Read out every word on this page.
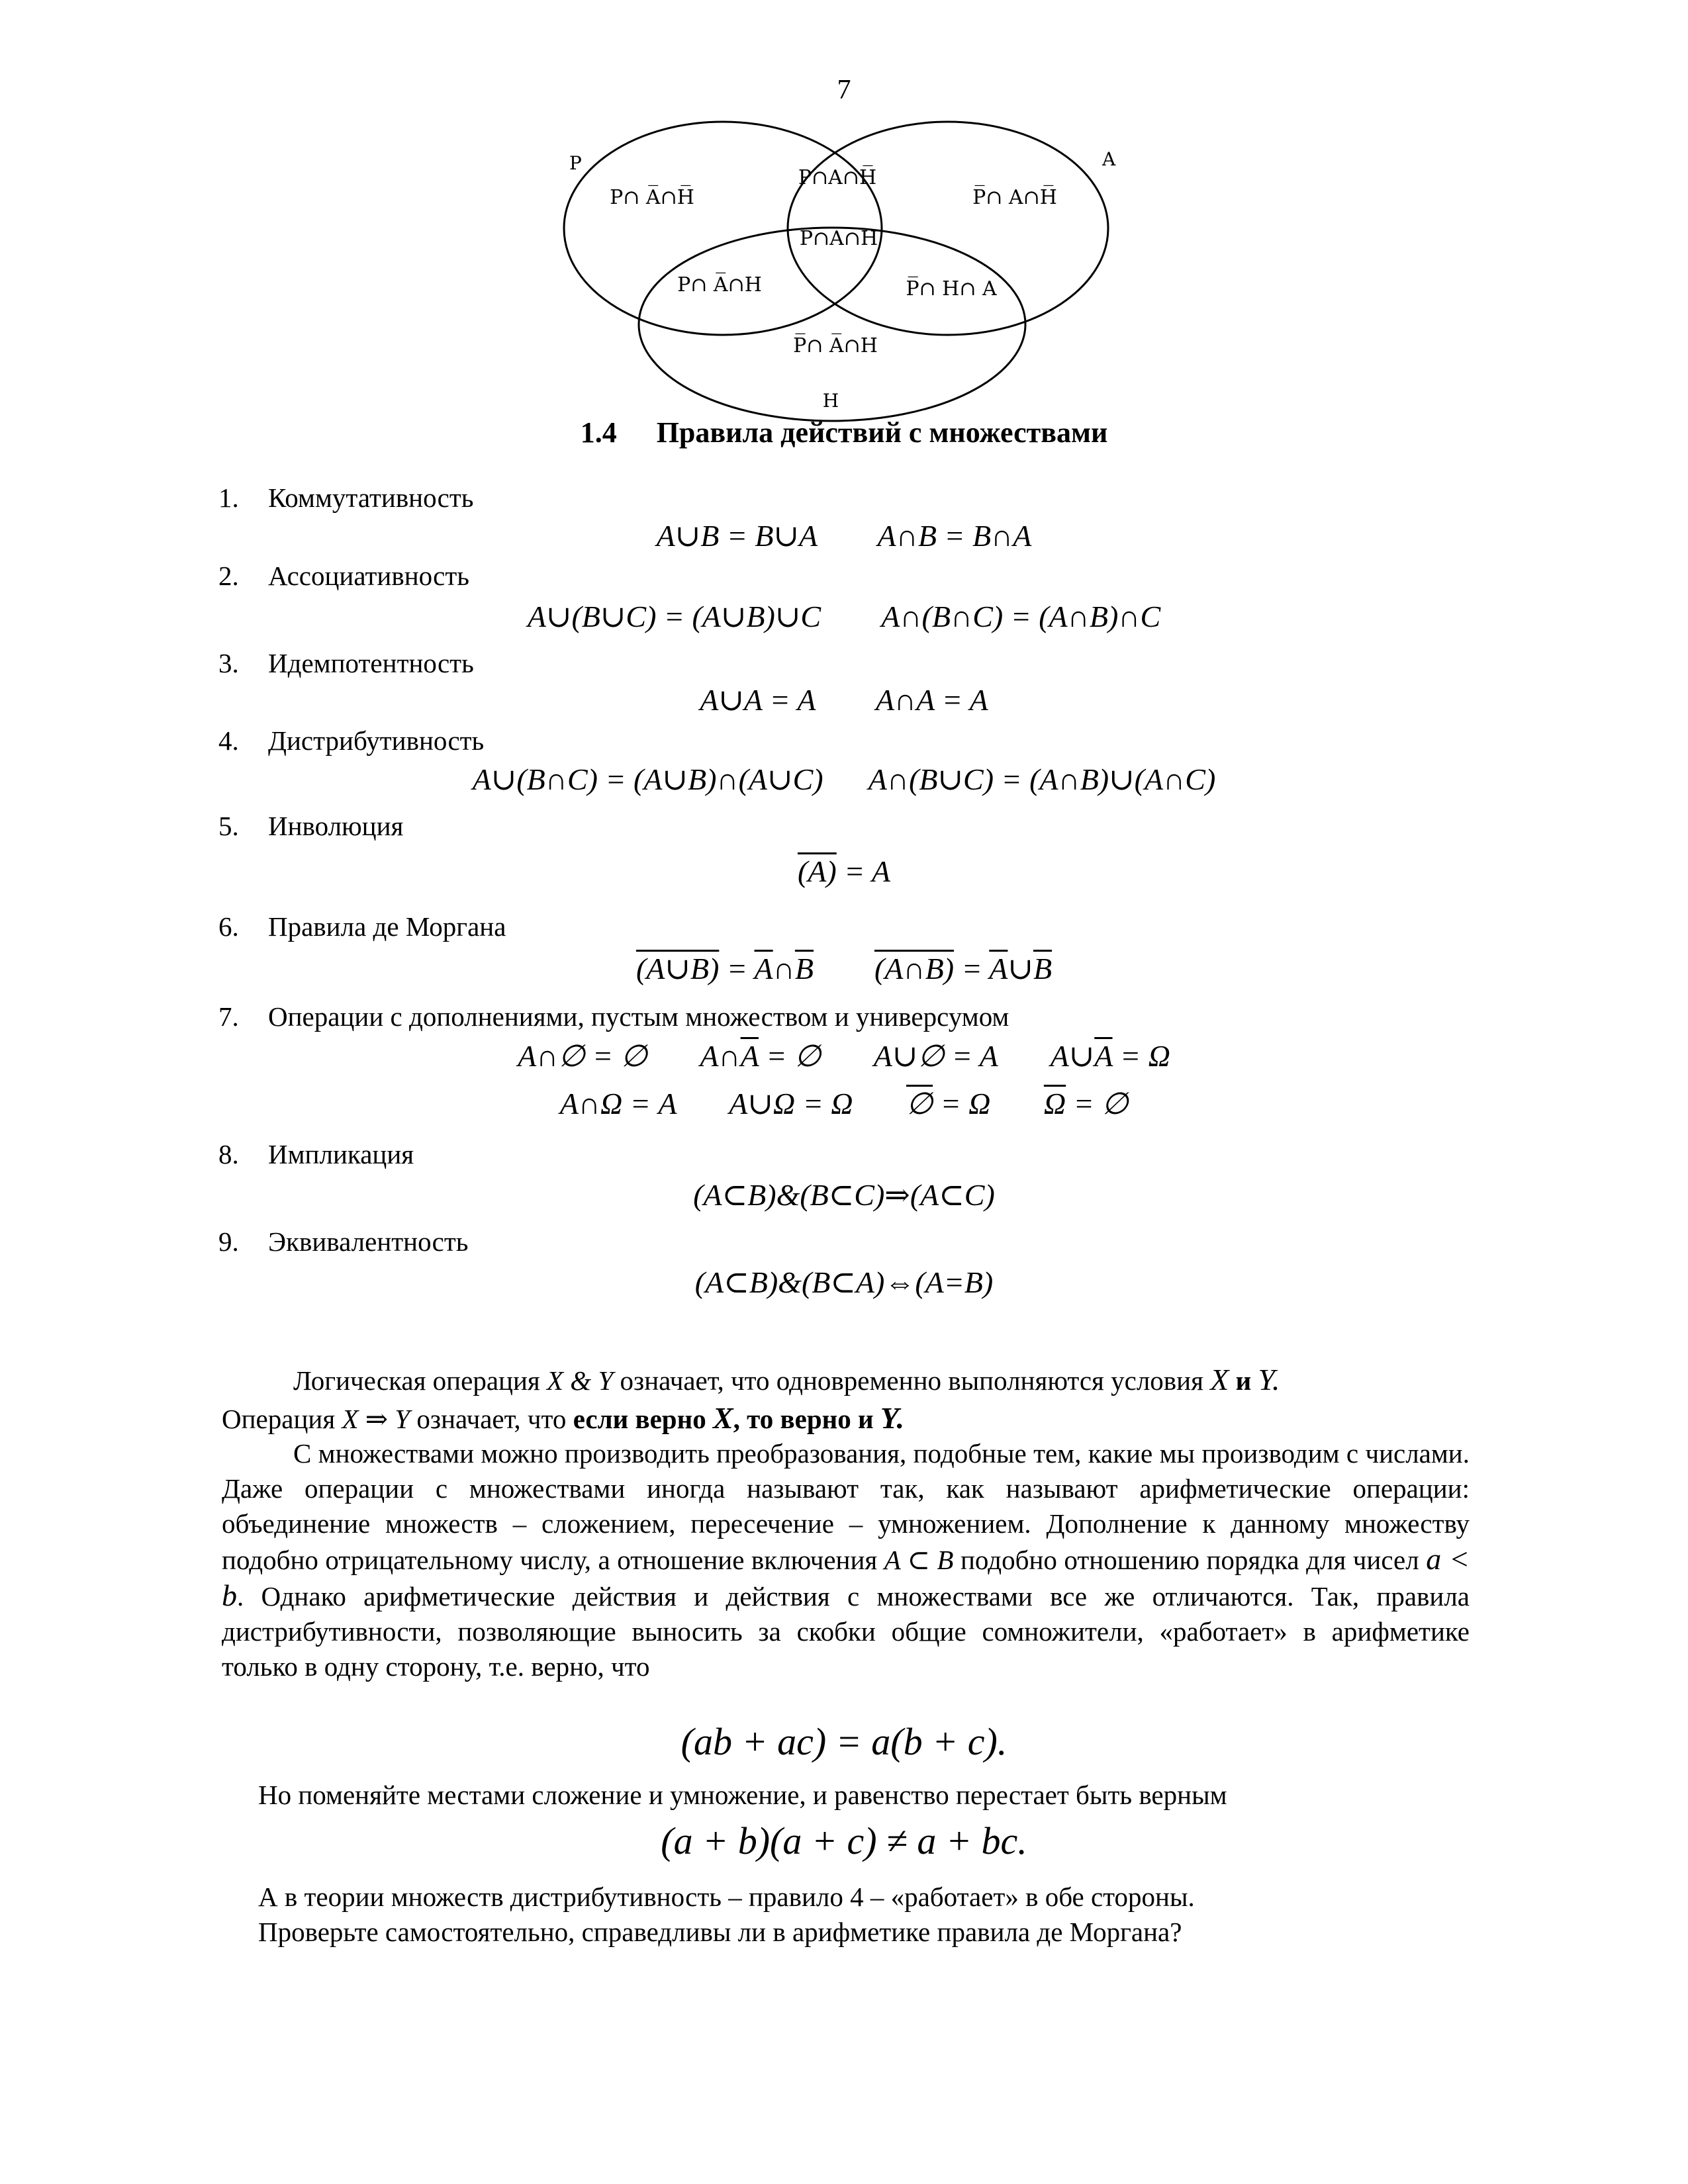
7
P	A
H
P∩ A̅∩H̅
P∩A∩H̅
P̅∩ A∩H̅
P∩A∩H
P∩ A̅∩H	P̅∩ H∩ A
P̅∩ A̅∩H
1.4 Правила действий с множествами
1. Коммутативность
A∪B = B∪A A∩B = B∩A
2. Ассоциативность
A∪(B∪C) = (A∪B)∪C A∩(B∩C) = (A∩B)∩C
3. Идемпотентность
A∪A = A A∩A = A
4. Дистрибутивность
A∪(B∩C) = (A∪B)∩(A∪C) A∩(B∪C) = (A∩B)∪(A∩C)
5. Инволюция
(A) = A
6. Правила де Моргана
(A∪B) = $\overline{A}\cap\overline{B}$ (A∩B) = $\overline{A}\cup\overline{B}$
7. Операции с дополнениями, пустым множеством и универсумом
A∩∅ = ∅ $A\cap\overline{A}$ = ∅ A∪∅ = A $A\cup\overline{A} = \Omega$
A∩Ω = A A∪Ω = Ω ∅ = Ω $\overline{\Omega}$ = ∅
8. Импликация
(A⊂B)&(B⊂C)⇒(A⊂C)
9. Эквивалентность
(A⊂B)&(B⊂A)⇔(A=B)
Логическая операция X & Y означает, что одновременно выполняются условия X и Y.
Операция X ⇒ Y означает, что если верно X, то верно и Y.
С множествами можно производить преобразования, подобные тем, какие мы производим с числами. Даже операции с множествами иногда называют так, как называют арифметические операции: объединение множеств – сложением, пересечение – умножением. Дополнение к данному множеству подобно отрицательному числу, а отношение включения A ⊂ B подобно отношению порядка для чисел a < b. Однако арифметические действия и действия с множествами все же отличаются. Так, правила дистрибутивности, позволяющие выносить за скобки общие сомножители, «работает» в арифметике только в одну сторону, т.е. верно, что
(ab + ac) = a(b + c).
Но поменяйте местами сложение и умножение, и равенство перестает быть верным
(a + b)(a + c) ≠ a + bc.
А в теории множеств дистрибутивность – правило 4 – «работает» в обе стороны.
Проверьте самостоятельно, справедливы ли в арифметике правила де Моргана?
